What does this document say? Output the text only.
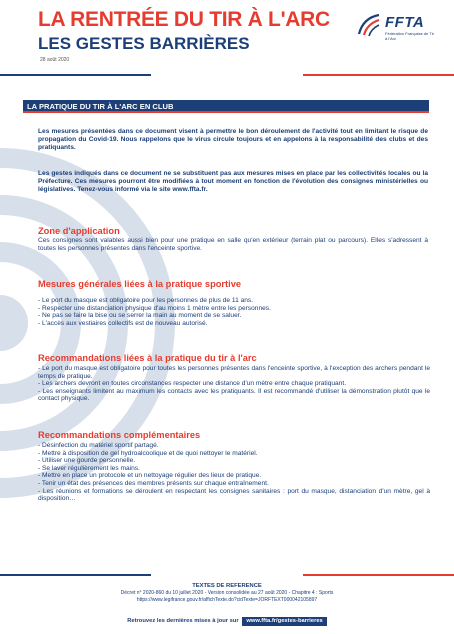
LA RENTRÉE DU TIR À L'ARC
LES GESTES BARRIÈRES
28 août 2020
FFTA
Fédération Française de Tir à l'Arc
LA PRATIQUE DU TIR À L'ARC EN CLUB
Les mesures présentées dans ce document visent à permettre le bon déroulement de l'activité tout en limitant le risque de propagation du Covid-19. Nous rappelons que le virus circule toujours et en appelons à la responsabilité des clubs et des pratiquants.
Les gestes indiqués dans ce document ne se substituent pas aux mesures mises en place par les collectivités locales ou la Préfecture. Ces mesures pourront être modifiées à tout moment en fonction de l'évolution des consignes ministérielles ou législatives. Tenez-vous informé via le site www.ffta.fr.
Zone d'application
Ces consignes sont valables aussi bien pour une pratique en salle qu'en extérieur (terrain plat ou parcours). Elles s'adressent à toutes les personnes présentes dans l'enceinte sportive.
Mesures générales liées à la pratique sportive
- Le port du masque est obligatoire pour les personnes de plus de 11 ans.
- Respecter une distanciation physique d'au moins 1 mètre entre les personnes.
- Ne pas se faire la bise ou se serrer la main au moment de se saluer.
- L'accès aux vestiaires collectifs est de nouveau autorisé.
Recommandations liées à la pratique du tir à l'arc
- Le port du masque est obligatoire pour toutes les personnes présentes dans l'enceinte sportive, à l'exception des archers pendant le temps de pratique.
- Les archers devront en toutes circonstances respecter une distance d'un mètre entre chaque pratiquant.
- Les enseignants limitent au maximum les contacts avec les pratiquants. Il est recommandé d'utiliser la démonstration plutôt que le contact physique.
Recommandations complémentaires
- Désinfection du matériel sportif partagé.
- Mettre à disposition de gel hydroalcoolique et de quoi nettoyer le matériel.
- Utiliser une gourde personnelle.
- Se laver régulièrement les mains.
- Mettre en place un protocole et un nettoyage régulier des lieux de pratique.
- Tenir un état des présences des membres présents sur chaque entraînement.
- Les réunions et formations se déroulent en respectant les consignes sanitaires : port du masque, distanciation d'un mètre, gel à disposition…
TEXTES DE REFERENCE
Décret n° 2020-860 du 10 juillet 2020 - Version consolidée au 27 août 2020 - Chapitre 4 : Sports
https://www.legifrance.gouv.fr/affichTexte.do?cidTexte=JORFTEXT000042105897
Retrouvez les dernières mises à jour sur www.ffta.fr/gestes-barrieres
